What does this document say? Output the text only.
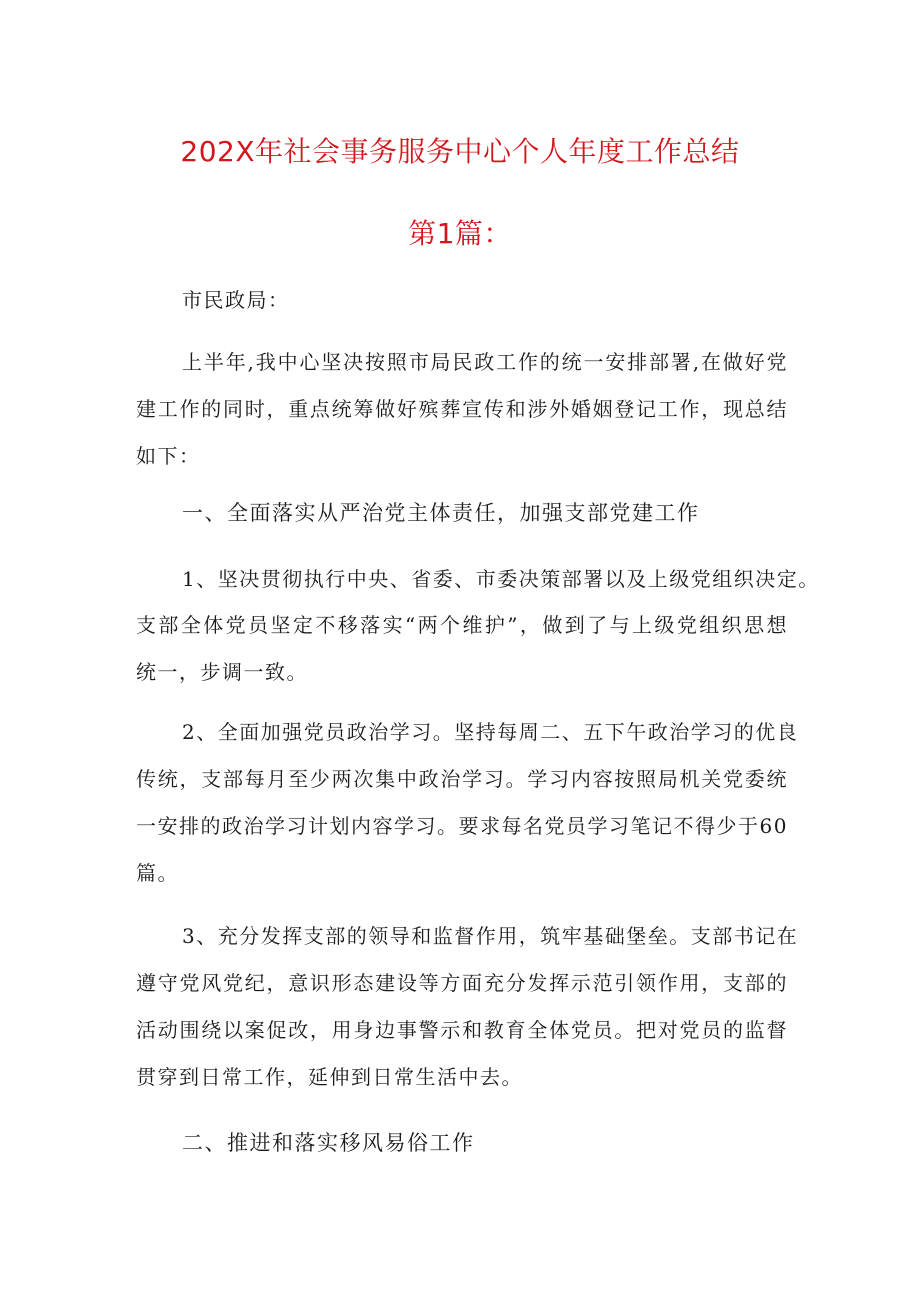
202X年社会事务服务中心个人年度工作总结
第1篇：
市民政局：
上半年,我中心坚决按照市局民政工作的统一安排部署,在做好党
建工作的同时，重点统筹做好殡葬宣传和涉外婚姻登记工作，现总结
如下：
一、全面落实从严治党主体责任，加强支部党建工作
1、坚决贯彻执行中央、省委、市委决策部署以及上级党组织决定。
支部全体党员坚定不移落实“两个维护”，做到了与上级党组织思想
统一，步调一致。
2、全面加强党员政治学习。坚持每周二、五下午政治学习的优良
传统，支部每月至少两次集中政治学习。学习内容按照局机关党委统
一安排的政治学习计划内容学习。要求每名党员学习笔记不得少于60
篇。
3、充分发挥支部的领导和监督作用，筑牢基础堡垒。支部书记在
遵守党风党纪，意识形态建设等方面充分发挥示范引领作用，支部的
活动围绕以案促改，用身边事警示和教育全体党员。把对党员的监督
贯穿到日常工作，延伸到日常生活中去。
二、推进和落实移风易俗工作
